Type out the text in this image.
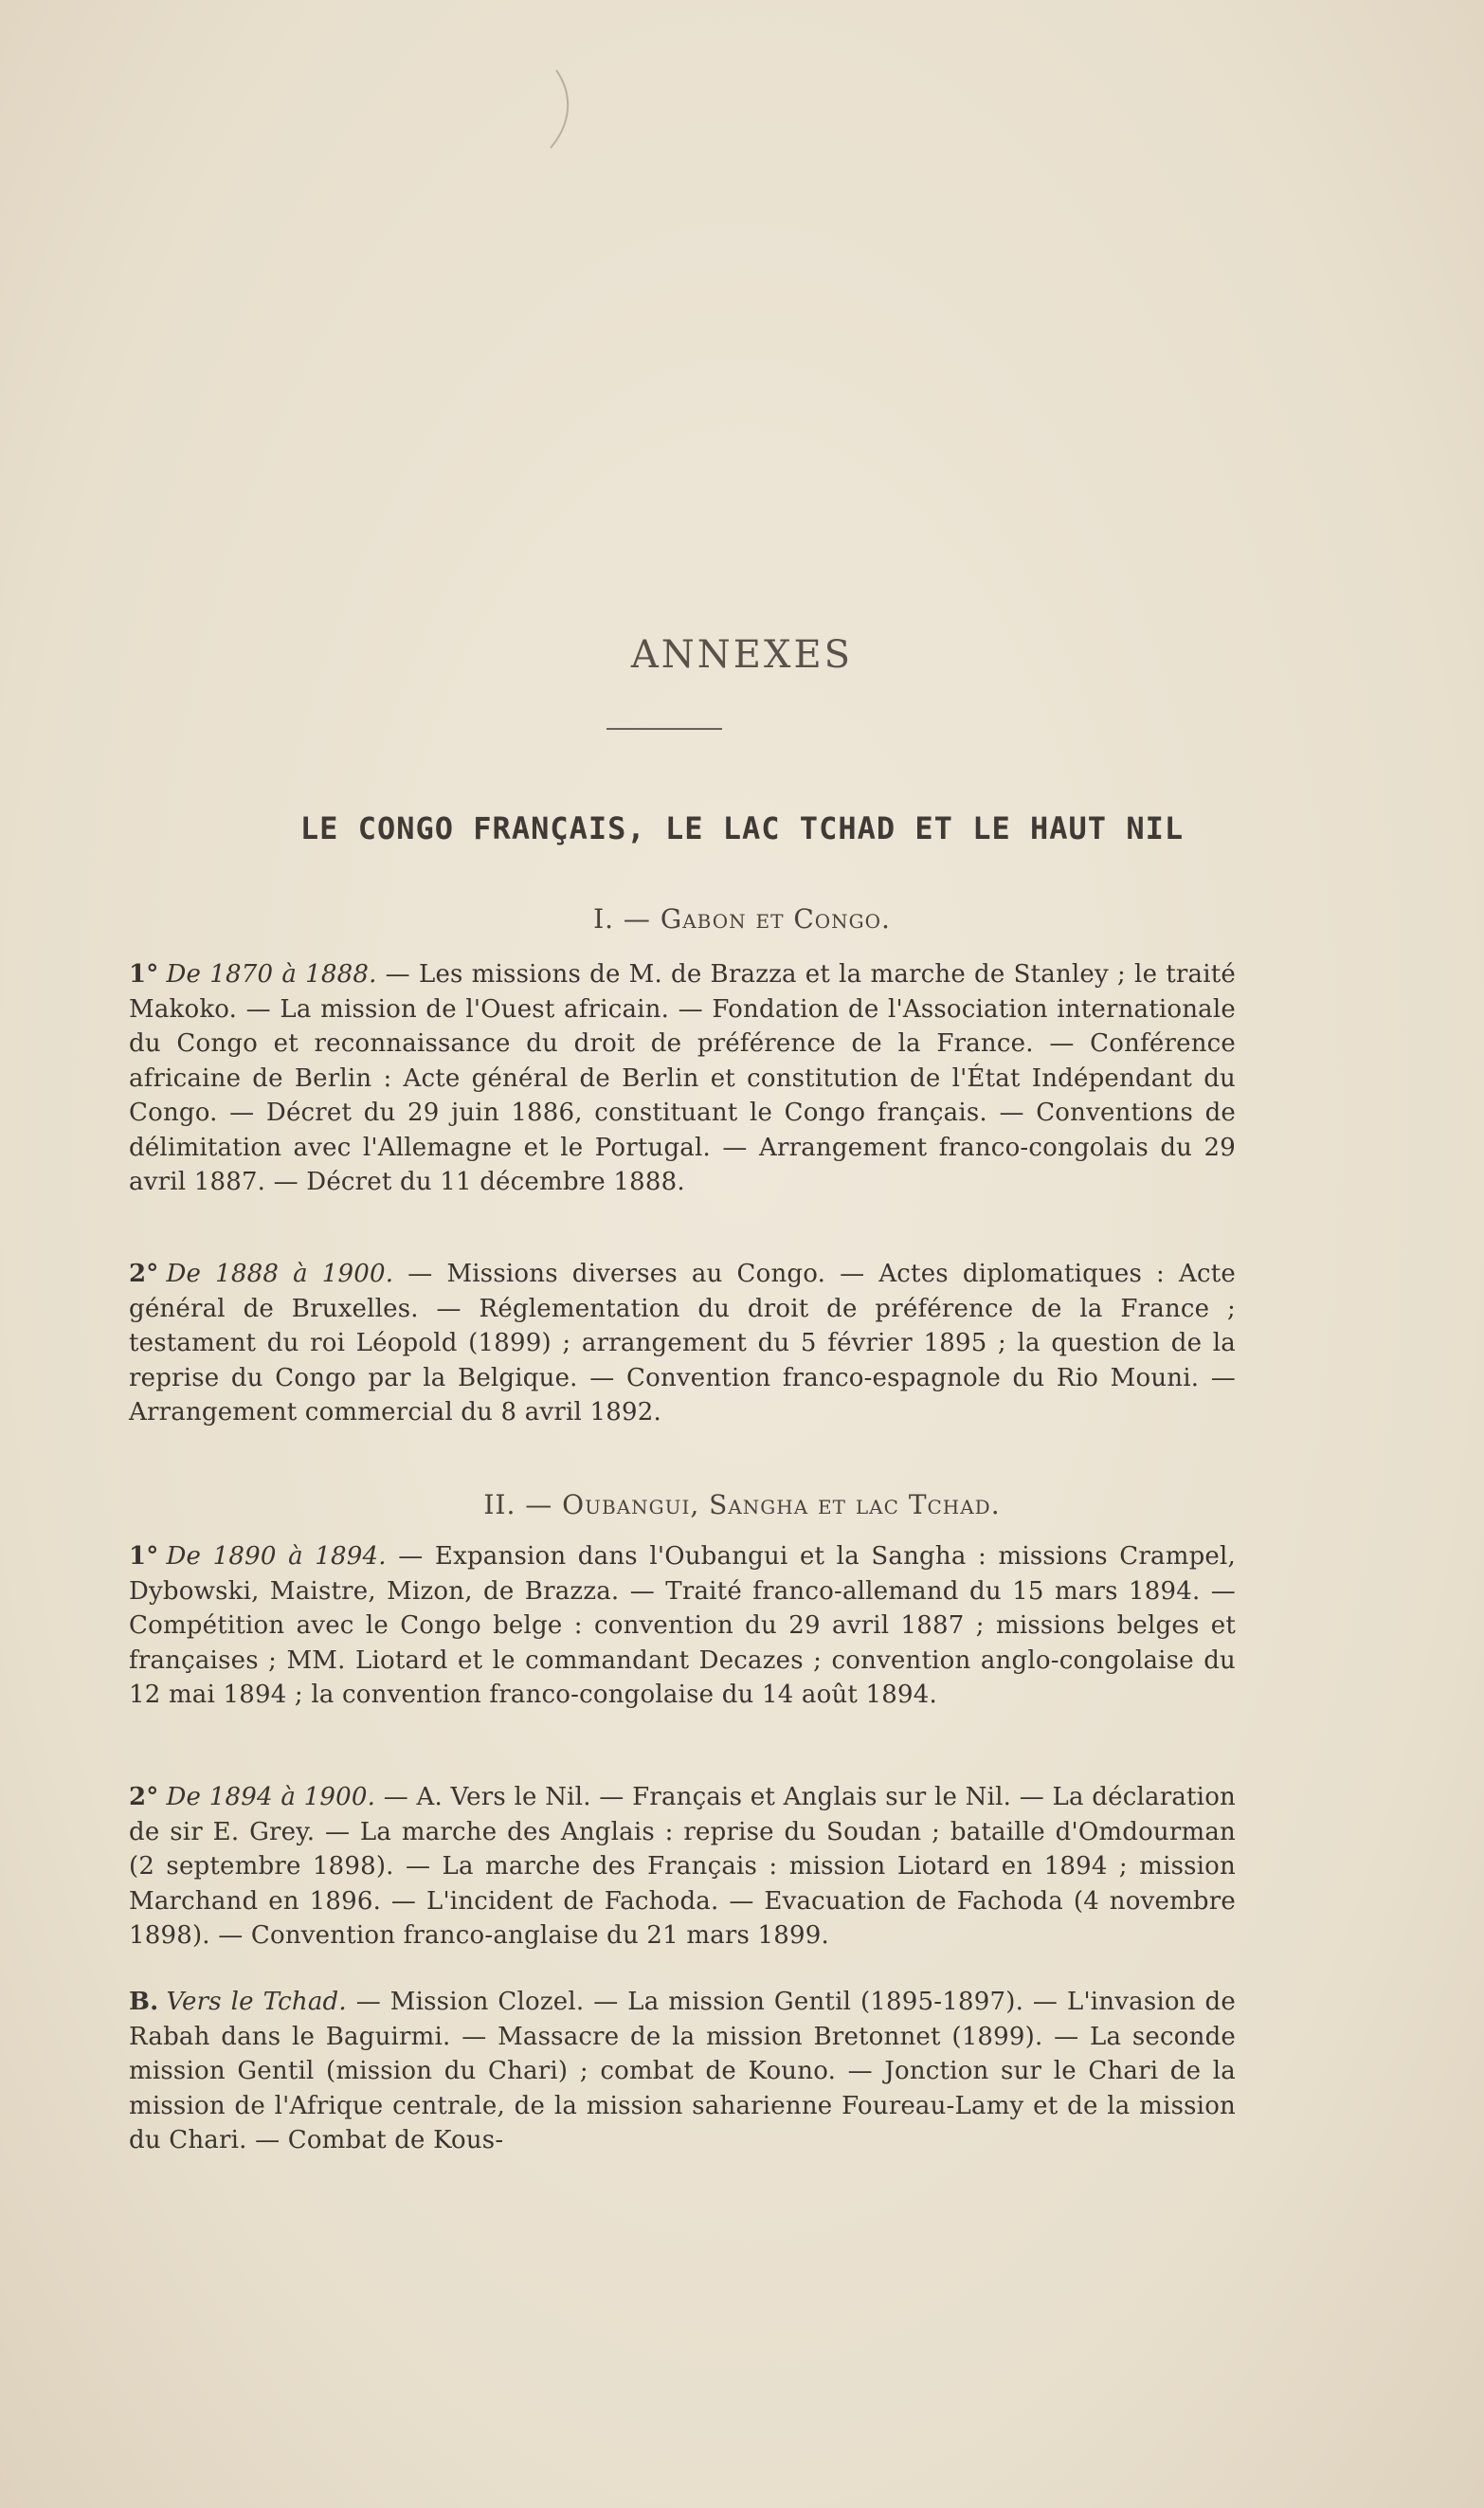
ANNEXES
LE CONGO FRANÇAIS, LE LAC TCHAD ET LE HAUT NIL
I. — Gabon et Congo.

1° De 1870 à 1888. — Les missions de M. de Brazza et la marche de Stanley ; le traité Makoko. — La mission de l'Ouest africain. — Fondation de l'Association internationale du Congo et reconnaissance du droit de préférence de la France. — Conférence africaine de Berlin : Acte général de Berlin et constitution de l'État Indépendant du Congo. — Décret du 29 juin 1886, constituant le Congo français. — Conventions de délimitation avec l'Allemagne et le Portugal. — Arrangement franco-congolais du 29 avril 1887. — Décret du 11 décembre 1888.

2° De 1888 à 1900. — Missions diverses au Congo. — Actes diplomatiques : Acte général de Bruxelles. — Réglementation du droit de préférence de la France ; testament du roi Léopold (1899) ; arrangement du 5 février 1895 ; la question de la reprise du Congo par la Belgique. — Convention franco-espagnole du Rio Mouni. — Arrangement commercial du 8 avril 1892.

II. — Oubangui, Sangha et lac Tchad.

1° De 1890 à 1894. — Expansion dans l'Oubangui et la Sangha : missions Crampel, Dybowski, Maistre, Mizon, de Brazza. — Traité franco-allemand du 15 mars 1894. — Compétition avec le Congo belge : convention du 29 avril 1887 ; missions belges et françaises ; MM. Liotard et le commandant Decazes ; convention anglo-congolaise du 12 mai 1894 ; la convention franco-congolaise du 14 août 1894.

2° De 1894 à 1900. — A. Vers le Nil. — Français et Anglais sur le Nil. — La déclaration de sir E. Grey. — La marche des Anglais : reprise du Soudan ; bataille d'Omdourman (2 septembre 1898). — La marche des Français : mission Liotard en 1894 ; mission Marchand en 1896. — L'incident de Fachoda. — Evacuation de Fachoda (4 novembre 1898). — Convention franco-anglaise du 21 mars 1899.

B. Vers le Tchad. — Mission Clozel. — La mission Gentil (1895-1897). — L'invasion de Rabah dans le Baguirmi. — Massacre de la mission Bretonnet (1899). — La seconde mission Gentil (mission du Chari) ; combat de Kouno. — Jonction sur le Chari de la mission de l'Afrique centrale, de la mission saharienne Foureau-Lamy et de la mission du Chari. — Combat de Kous-
